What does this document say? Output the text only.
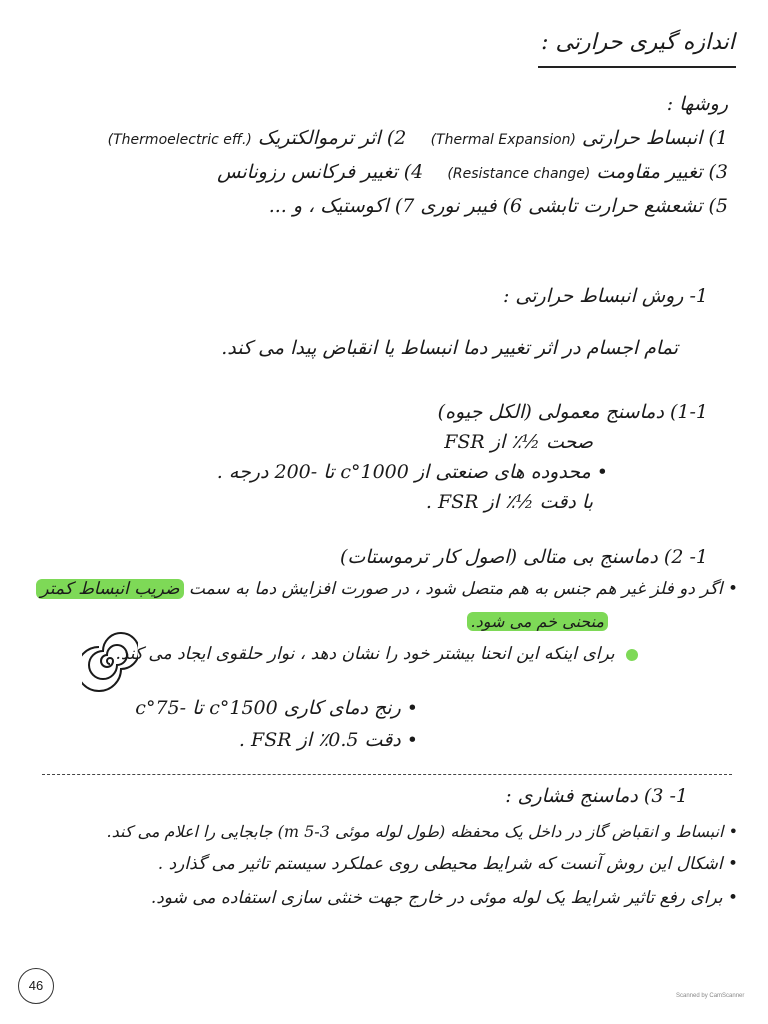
اندازه گیری حرارتی :
روشها :
1) انبساط حرارتی (Thermal Expansion)    2) اثر ترموالکتریک (Thermoelectric eff.)
3) تغییر مقاومت (Resistance change)    4) تغییر فرکانس رزونانس
5) تشعشع حرارت تابشی 6) فیبر نوری 7) اکوستیک ، و ...
1- روش انبساط حرارتی :
تمام اجسام در اثر تغییر دما انبساط یا انقباض پیدا می کند.
1-1) دماسنج معمولی (الکل جیوه)
صحت ½٪ از FSR
• محدوده های صنعتی از 1000°c تا -200 درجه .
با دقت ½٪ از FSR .
1- 2) دماسنج بی متالی (اصول کار ترموستات)
• اگر دو فلز غیر هم جنس به هم متصل شود ، در صورت افزایش دما به سمت ضریب انبساط کمتر
منحنی خم می شود.
برای اینکه این انحنا بیشتر خود را نشان دهد ، نوار حلقوی ایجاد می کند.
• رنج دمای کاری 1500°c تا -75°c
• دقت 0.5٪ از FSR .
1- 3) دماسنج فشاری :
• انبساط و انقباض گاز در داخل یک محفظه (طول لوله موئی 3-5 m) جابجایی را اعلام می کند.
• اشکال این روش آنست که شرایط محیطی روی عملکرد سیستم تاثیر می گذارد .
• برای رفع تاثیر شرایط یک لوله موئی در خارج جهت خنثی سازی استفاده می شود.
46
Scanned by CamScanner
